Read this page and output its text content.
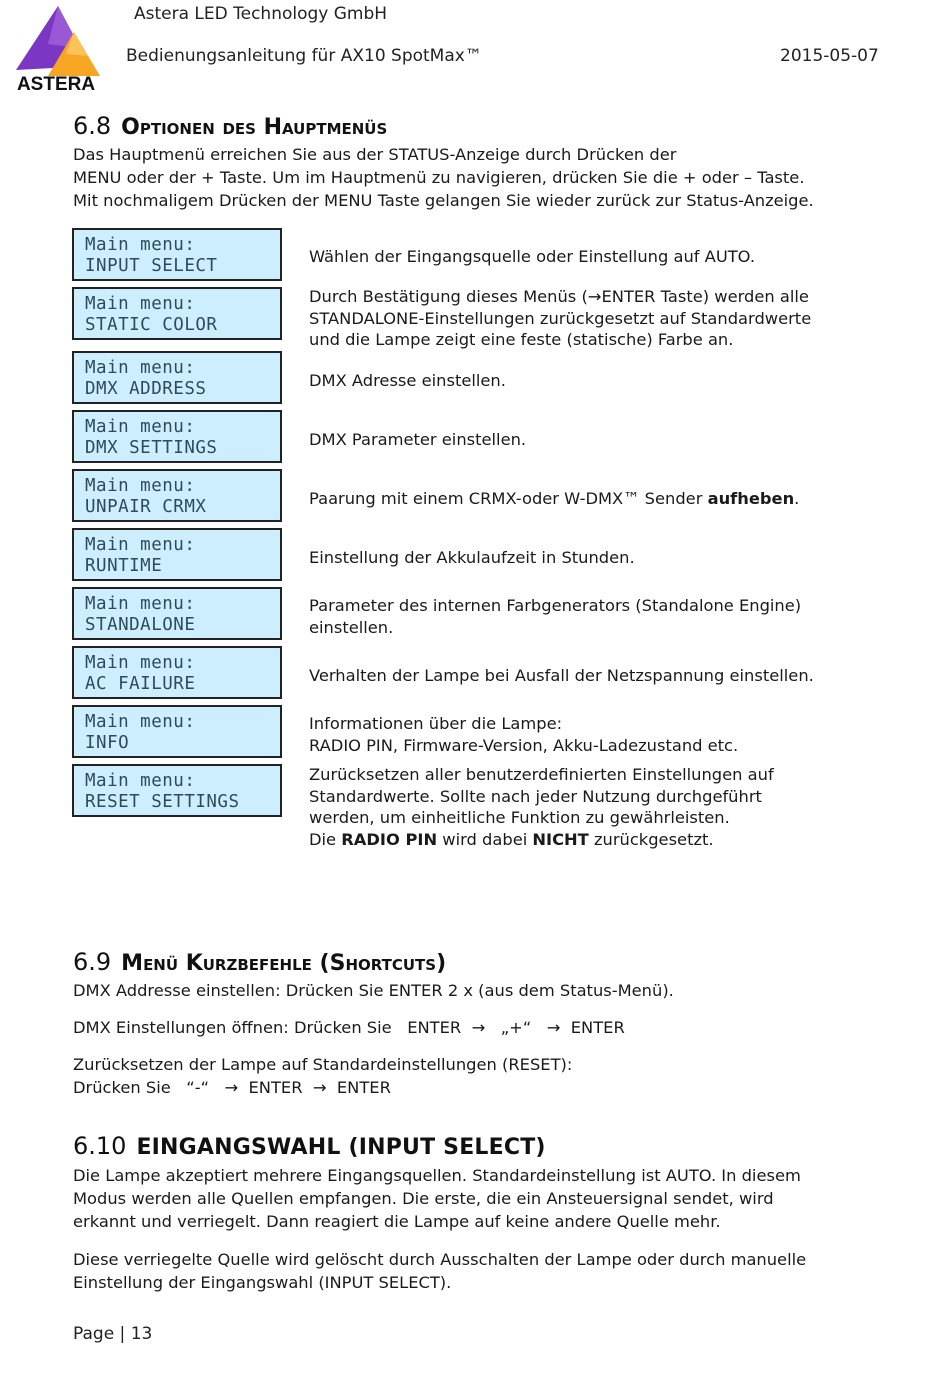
ASTERA
Astera LED Technology GmbH
Bedienungsanleitung für AX10 SpotMax™	2015-05-07
6.8 Optionen des Hauptmenüs
Das Hauptmenü erreichen Sie aus der STATUS-Anzeige durch Drücken der
MENU oder der + Taste. Um im Hauptmenü zu navigieren, drücken Sie die + oder – Taste.
Mit nochmaligem Drücken der MENU Taste gelangen Sie wieder zurück zur Status-Anzeige.
Main menu:
INPUT SELECT	Wählen der Eingangsquelle oder Einstellung auf AUTO.
Main menu:
STATIC COLOR
Durch Bestätigung dieses Menüs (→ENTER Taste) werden alle
STANDALONE-Einstellungen zurückgesetzt auf Standardwerte
und die Lampe zeigt eine feste (statische) Farbe an.
Main menu:
DMX ADDRESS	DMX Adresse einstellen.
Main menu:
DMX SETTINGS	DMX Parameter einstellen.
Main menu:
UNPAIR CRMX	Paarung mit einem CRMX-oder W-DMX™ Sender aufheben.
Main menu:
RUNTIME	Einstellung der Akkulaufzeit in Stunden.
Main menu:
STANDALONE
Parameter des internen Farbgenerators (Standalone Engine)
einstellen.
Main menu:
AC FAILURE	Verhalten der Lampe bei Ausfall der Netzspannung einstellen.
Main menu:
INFO
Informationen über die Lampe:
RADIO PIN, Firmware-Version, Akku-Ladezustand etc.
Main menu:
RESET SETTINGS
Zurücksetzen aller benutzerdefinierten Einstellungen auf
Standardwerte. Sollte nach jeder Nutzung durchgeführt
werden, um einheitliche Funktion zu gewährleisten.
Die RADIO PIN wird dabei NICHT zurückgesetzt.
6.9 Menü Kurzbefehle (Shortcuts)
DMX Addresse einstellen: Drücken Sie ENTER 2 x (aus dem Status-Menü).
DMX Einstellungen öffnen: Drücken Sie   ENTER  →   „+“   →  ENTER
Zurücksetzen der Lampe auf Standardeinstellungen (RESET):
Drücken Sie   “-“   →  ENTER  →  ENTER
6.10 EINGANGSWAHL (INPUT SELECT)
Die Lampe akzeptiert mehrere Eingangsquellen. Standardeinstellung ist AUTO. In diesem
Modus werden alle Quellen empfangen. Die erste, die ein Ansteuersignal sendet, wird
erkannt und verriegelt. Dann reagiert die Lampe auf keine andere Quelle mehr.
Diese verriegelte Quelle wird gelöscht durch Ausschalten der Lampe oder durch manuelle
Einstellung der Eingangswahl (INPUT SELECT).
Page | 13
